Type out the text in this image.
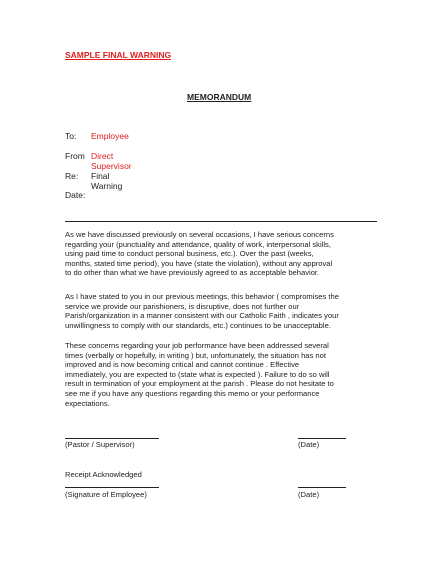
SAMPLE FINAL WARNING
MEMORANDUM
To: Employee
From Direct Supervisor
Re: Final Warning
Date:

As we have discussed previously on several occasions, I have serious concerns

regarding your (punctuality and attendance, quality of work, interpersonal skills,

using paid time to conduct personal business, etc.). Over the past (weeks,

months, stated time period), you have (state the violation), without any approval

to do other than what we have previously agreed to as acceptable behavior.

As I have stated to you in our previous meetings, this behavior ( compromises the

service we provide our parishioners, is disruptive, does not further our

Parish/organization in a manner consistent with our Catholic Faith , indicates your

unwillingness to comply with our standards, etc.) continues to be unacceptable.

These concerns regarding your job performance have been addressed several

times (verbally or hopefully, in writing ) but, unfortunately, the situation has not

improved and is now becoming critical and cannot continue . Effective

immediately, you are expected to (state what is expected ). Failure to do so will

result in termination of your employment at the parish . Please do not hesitate to

see me if you have any questions regarding this memo or your performance

expectations.

(Pastor / Supervisor)	(Date)
Receipt Acknowledged
(Signature of Employee)	(Date)
